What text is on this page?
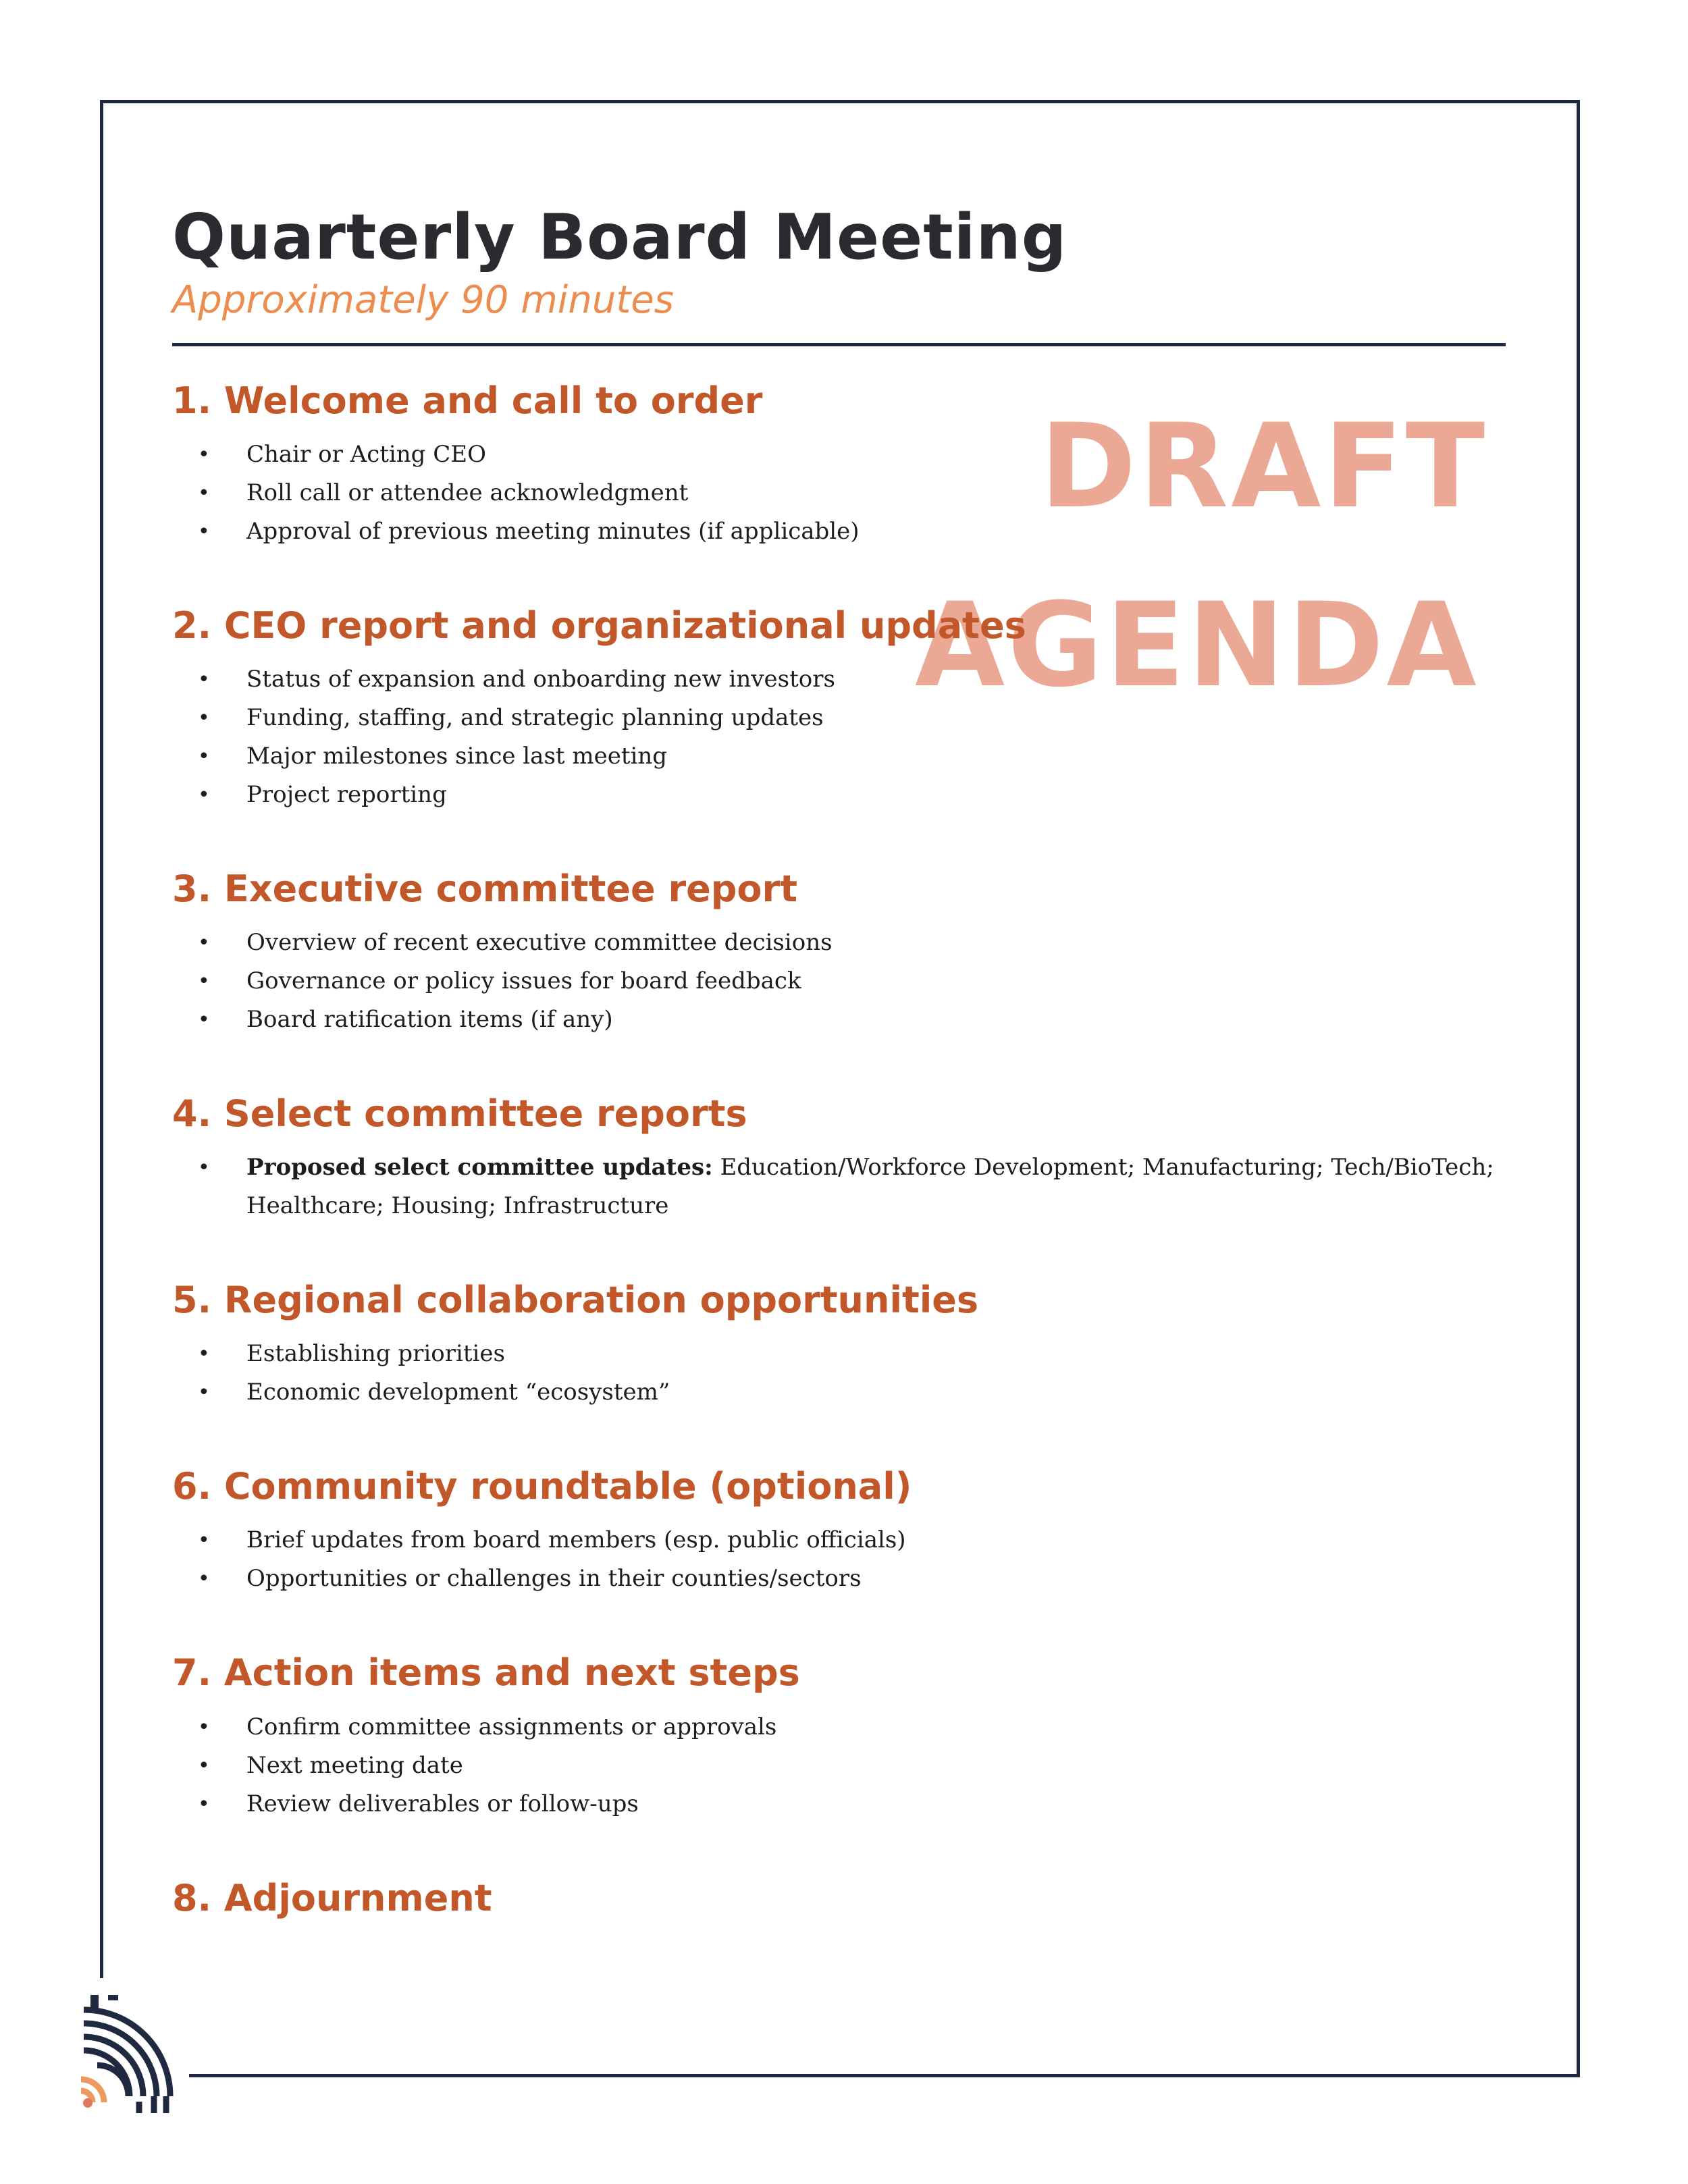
DRAFT
AGENDA
Quarterly Board Meeting
Approximately 90 minutes
1. Welcome and call to order
• Chair or Acting CEO
• Roll call or attendee acknowledgment
• Approval of previous meeting minutes (if applicable)
2. CEO report and organizational updates
• Status of expansion and onboarding new investors
• Funding, staffing, and strategic planning updates
• Major milestones since last meeting
• Project reporting
3. Executive committee report
• Overview of recent executive committee decisions
• Governance or policy issues for board feedback
• Board ratification items (if any)
4. Select committee reports
• Proposed select committee updates: Education/Workforce Development; Manufacturing; Tech/BioTech; Healthcare; Housing; Infrastructure
5. Regional collaboration opportunities
• Establishing priorities
• Economic development “ecosystem”
6. Community roundtable (optional)
• Brief updates from board members (esp. public officials)
• Opportunities or challenges in their counties/sectors
7. Action items and next steps
• Confirm committee assignments or approvals
• Next meeting date
• Review deliverables or follow-ups
8. Adjournment
